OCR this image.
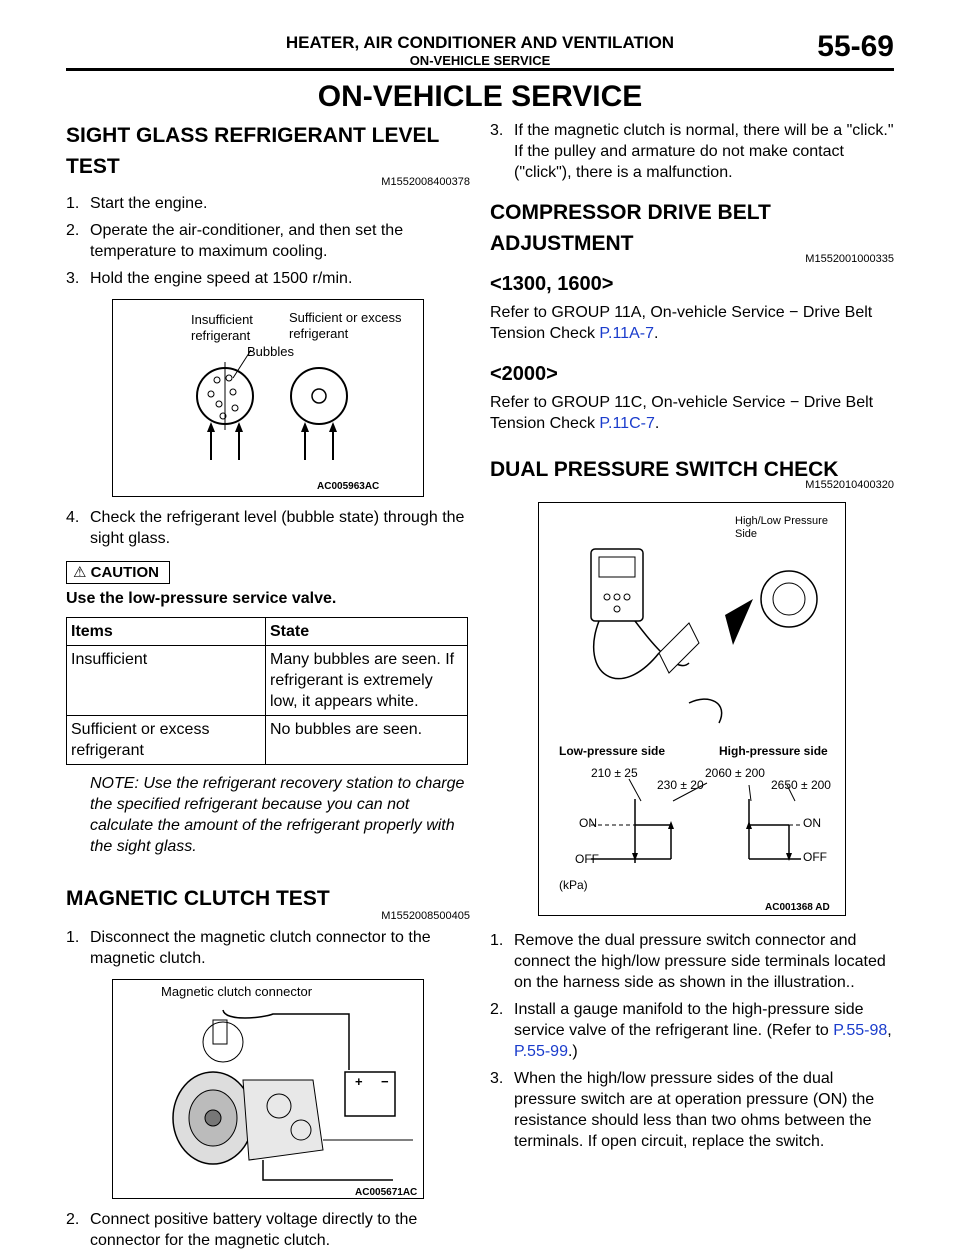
HEATER, AIR CONDITIONER AND VENTILATION
ON-VEHICLE SERVICE	55-69
ON-VEHICLE SERVICE
SIGHT GLASS REFRIGERANT LEVEL TEST
M1552008400378
1. Start the engine.
2. Operate the air-conditioner, and then set the temperature to maximum cooling.
3. Hold the engine speed at 1500 r/min.
Insufficient refrigerant
Sufficient or excess refrigerant
Bubbles
AC005963AC
4. Check the refrigerant level (bubble state) through the sight glass.
⚠ CAUTION
Use the low-pressure service valve.
Items	State
Insufficient	Many bubbles are seen. If refrigerant is extremely low, it appears white.
Sufficient or excess refrigerant	No bubbles are seen.
NOTE: Use the refrigerant recovery station to charge the specified refrigerant because you can not calculate the amount of the refrigerant properly with the sight glass.
MAGNETIC CLUTCH TEST
M1552008500405
1. Disconnect the magnetic clutch connector to the magnetic clutch.
Magnetic clutch connector
+ −
AC005671AC
2. Connect positive battery voltage directly to the connector for the magnetic clutch.
3. If the magnetic clutch is normal, there will be a "click." If the pulley and armature do not make contact ("click"), there is a malfunction.
COMPRESSOR DRIVE BELT ADJUSTMENT
M1552001000335
<1300, 1600>
Refer to GROUP 11A, On-vehicle Service − Drive Belt Tension Check P.11A-7.
<2000>
Refer to GROUP 11C, On-vehicle Service − Drive Belt Tension Check P.11C-7.
DUAL PRESSURE SWITCH CHECK
M1552010400320
High/Low Pressure Side
Low-pressure side	High-pressure side
210 ± 25
230 ± 20
2060 ± 200
2650 ± 200
ON	ON
OFF	OFF
(kPa)
AC001368 AD
1. Remove the dual pressure switch connector and connect the high/low pressure side terminals located on the harness side as shown in the illustration..
2. Install a gauge manifold to the high-pressure side service valve of the refrigerant line. (Refer to P.55-98, P.55-99.)
3. When the high/low pressure sides of the dual pressure switch are at operation pressure (ON) the resistance should less than two ohms between the terminals. If open circuit, replace the switch.
